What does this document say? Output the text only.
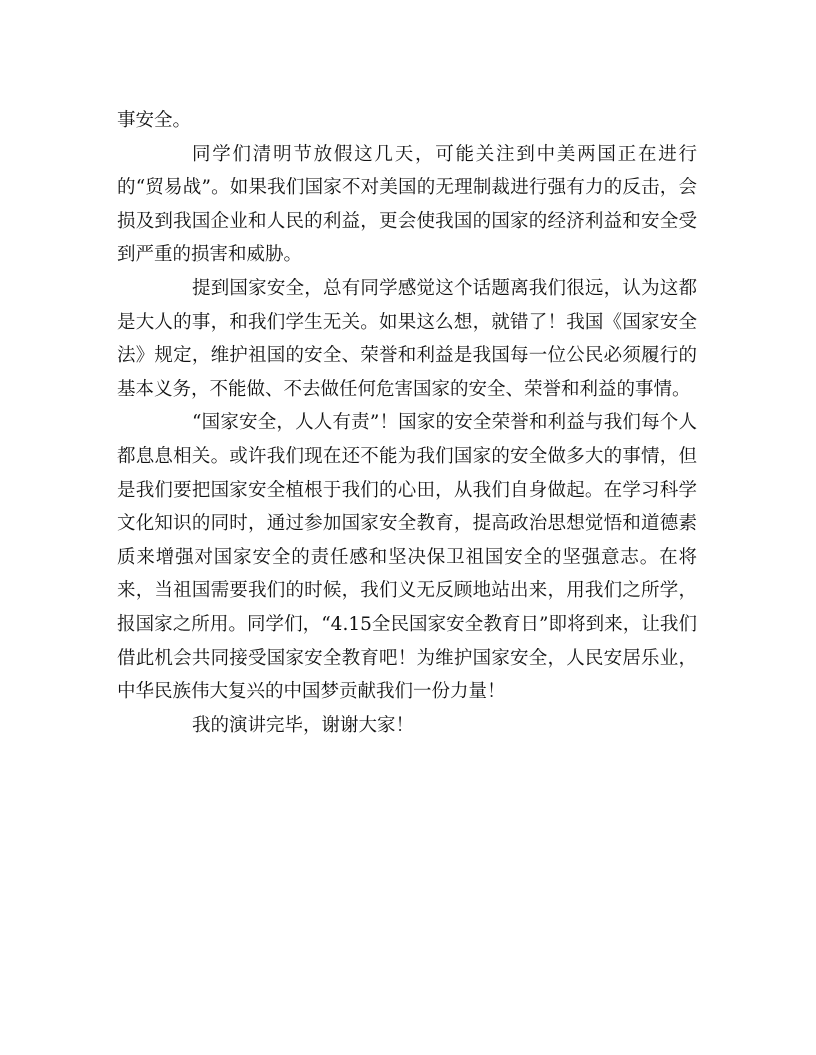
事安全。

同学们清明节放假这几天，可能关注到中美两国正在进行的“贸易战”。如果我们国家不对美国的无理制裁进行强有力的反击，会损及到我国企业和人民的利益，更会使我国的国家的经济利益和安全受到严重的损害和威胁。

提到国家安全，总有同学感觉这个话题离我们很远，认为这都是大人的事，和我们学生无关。如果这么想，就错了！我国《国家安全法》规定，维护祖国的安全、荣誉和利益是我国每一位公民必须履行的基本义务，不能做、不去做任何危害国家的安全、荣誉和利益的事情。

“国家安全，人人有责”！国家的安全荣誉和利益与我们每个人都息息相关。或许我们现在还不能为我们国家的安全做多大的事情，但是我们要把国家安全植根于我们的心田，从我们自身做起。在学习科学文化知识的同时，通过参加国家安全教育，提高政治思想觉悟和道德素质来增强对国家安全的责任感和坚决保卫祖国安全的坚强意志。在将来，当祖国需要我们的时候，我们义无反顾地站出来，用我们之所学，报国家之所用。同学们，“4.15全民国家安全教育日”即将到来，让我们借此机会共同接受国家安全教育吧！为维护国家安全，人民安居乐业，中华民族伟大复兴的中国梦贡献我们一份力量！

我的演讲完毕，谢谢大家！
